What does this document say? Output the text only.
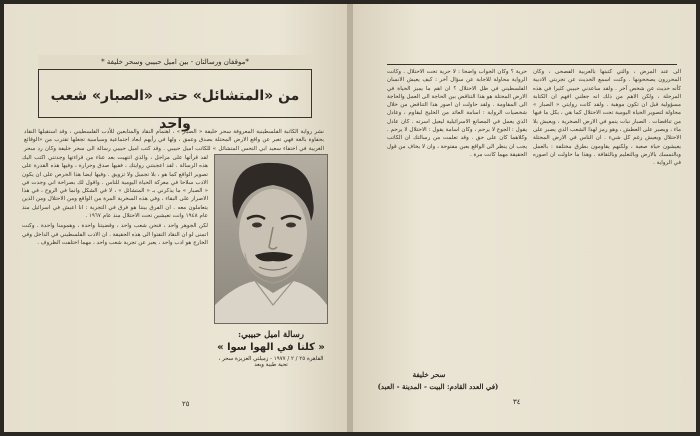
*موقفان ورسالتان - بين اميل حبيبي وسحر خليفة *
من «المتشائل» حتى «الصبار» شعب واحد	نشر رواية الكاتبة الفلسطينية المعروفة سحر خليفة « الصبار » ، اهتمام النقاد والمتابعين للأدب الفلسطيني ، وقد استقبلها النقاد بحفاوة بالغة فهي تعبر عن واقع الارض المحتلة بصدق وعمق ، ولها في رأيهم ابعاد اجتماعية وسياسية تجعلها تقترب من «الوقائع الغريبة في اختفاء سعيد ابي النحس المتشائل » للكاتب اميل حبيبي . وقد كتب اميل حبيبي رسالة الى سحر خليفة وكان رد سحر

لقد قرأتها على مراحل ، والذي انتهيت بعد عناء من قراءتها وجدتني اكتب اليك هذه الرسالة . لقد اعجبتني روايتك ، ففيها صدق وحرارة ، وفيها هذه القدرة على تصوير الواقع كما هو ، بلا تجميل ولا تزويق . وفيها ايضا هذا الحرص على ان يكون الادب سلاحا في معركة الحياة اليومية للناس . واقول لك بصراحة اني وجدت في « الصبار » ما يذكرني بـ « المتشائل » ، لا في الشكل وانما في الروح ، في هذا الاصرار على البقاء ، وفي هذه السخرية المرة من الواقع ومن الاحتلال ومن الذين يتعاملون معه . ان الفرق بيننا هو فرق في التجربة : انا اعيش في اسرائيل منذ عام ١٩٤٨ وانت تعيشين تحت الاحتلال منذ عام ١٩٦٧ .

لكن الجوهر واحد ، فنحن شعب واحد ، وقضيتنا واحدة ، وهمومنا واحدة . وكنت اتمنى لو ان النقاد التفتوا الى هذه الحقيقة . ان الادب الفلسطيني في الداخل وفي الخارج هو ادب واحد ، يعبر عن تجربة شعب واحد ، مهما اختلفت الظروف .

رسالة اميل حبيبي:
« كلنا في الهوا سوا »
القاهرة ٢٥ / ٢ / ١٩٧٧ - زميلتي العزيزة سحر ، تحية طيبة وبعد
٢٥
الى عند المرض ، والتي كتبتها بالعربية الفصحى ، وكان المحررون يصححونها . وكنت اسمع الحديث عن تجربتي الادبية كأنه حديث عن شخص آخر . ولقد ساعدني حبيبي كثيرا في هذه المرحلة ، ولكن الاهم من ذلك انه جعلني افهم ان الكتابة مسؤولية قبل ان تكون موهبة . ولقد كانت روايتي « الصبار » محاولة لتصوير الحياة اليومية تحت الاحتلال كما هي ، بكل ما فيها من تناقضات . الصبار نبات ينمو في الارض الصخرية ، ويعيش بلا ماء ، ويصبر على العطش ، وهو رمز لهذا الشعب الذي يصبر على الاحتلال ويعيش رغم كل شيء . ان الناس في الارض المحتلة يعيشون حياة صعبة ، ولكنهم يقاومون بطرق مختلفة : بالعمل وبالتمسك بالارض وبالتعليم وبالثقافة . وهذا ما حاولت ان اصوره في الرواية .
حرية ؟ وكان الجواب واضحا : لا حرية تحت الاحتلال . وكانت الرواية محاولة للاجابة عن سؤال آخر : كيف يعيش الانسان الفلسطيني في ظل الاحتلال ؟ ان اهم ما يميز الحياة في الارض المحتلة هو هذا التناقض بين الحاجة الى العمل والحاجة الى المقاومة . ولقد حاولت ان اصور هذا التناقض من خلال شخصيات الرواية : اسامة العائد من الخليج ليقاوم ، وعادل الذي يعمل في المصانع الاسرائيلية ليعيل اسرته . كان عادل يقول : الجوع لا يرحم ، وكان اسامة يقول : الاحتلال لا يرحم . وكلاهما كان على حق . وقد تعلمت من رسالتك ان الكاتب يجب ان ينظر الى الواقع بعين مفتوحة ، وان لا يخاف من قول الحقيقة مهما كانت مرة .
٣٤
سحر خليفة
(في العدد القادم: البيت - المدينة - العبد)
